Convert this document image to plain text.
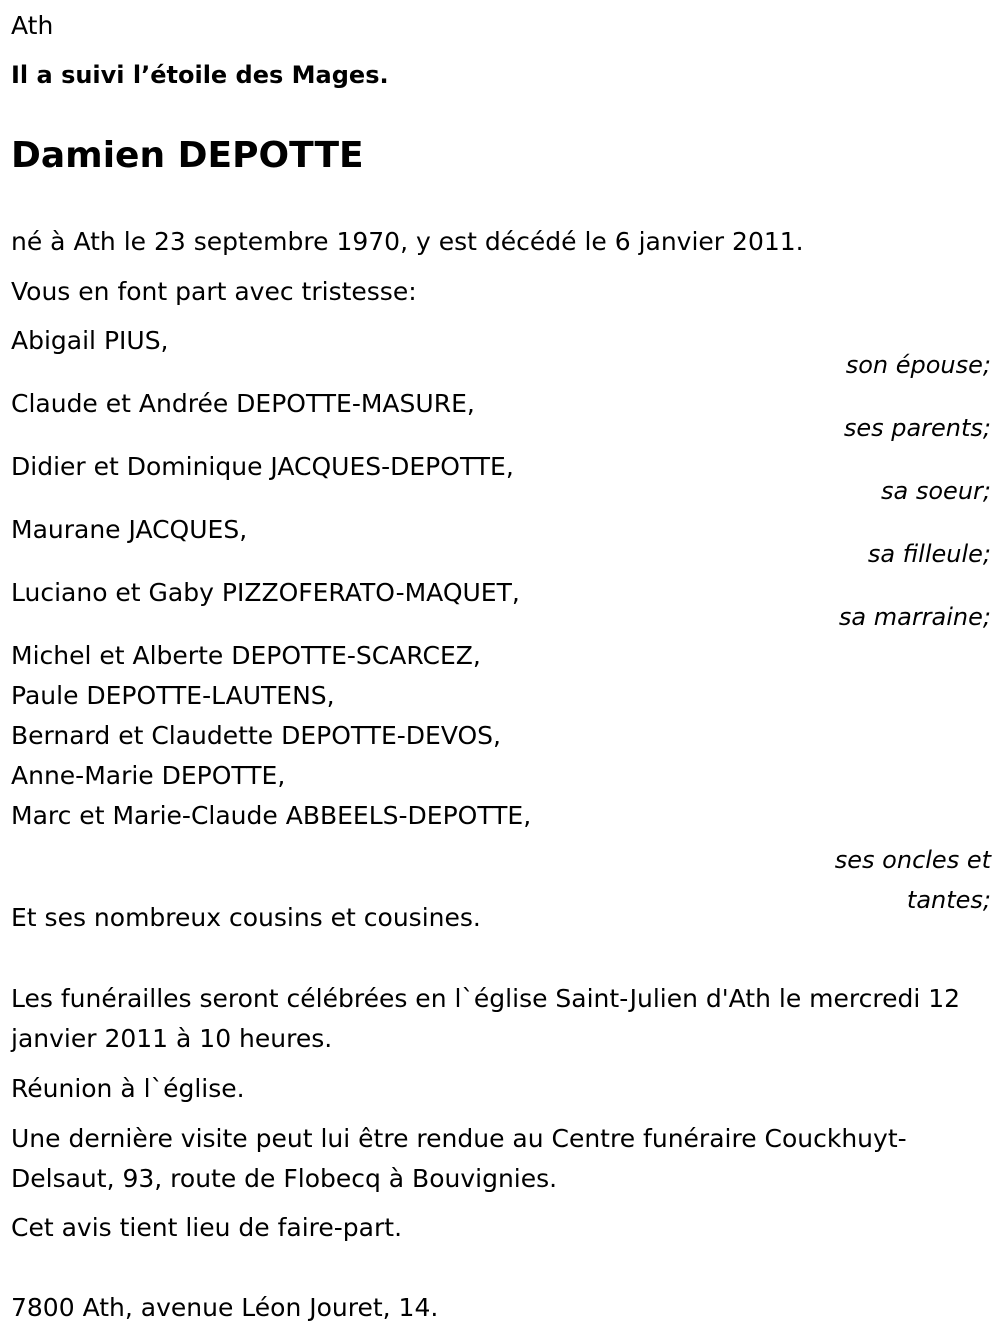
Ath
Il a suivi l’étoile des Mages.
Damien DEPOTTE

né à Ath le 23 septembre 1970, y est décédé le 6 janvier 2011.

Vous en font part avec tristesse:

Abigail PIUS,

son épouse;

Claude et Andrée DEPOTTE-MASURE,

ses parents;

Didier et Dominique JACQUES-DEPOTTE,

sa soeur;

Maurane JACQUES,

sa filleule;

Luciano et Gaby PIZZOFERATO-MAQUET,

sa marraine;

Michel et Alberte DEPOTTE-SCARCEZ,

Paule DEPOTTE-LAUTENS,

Bernard et Claudette DEPOTTE-DEVOS,

Anne-Marie DEPOTTE,

Marc et Marie-Claude ABBEELS-DEPOTTE,

ses oncles et
tantes;

Et ses nombreux cousins et cousines.

Les funérailles seront célébrées en l`église Saint-Julien d'Ath le mercredi 12 janvier 2011 à 10 heures.

Réunion à l`église.

Une dernière visite peut lui être rendue au Centre funéraire Couckhuyt-Delsaut, 93, route de Flobecq à Bouvignies.

Cet avis tient lieu de faire-part.

7800 Ath, avenue Léon Jouret, 14.
